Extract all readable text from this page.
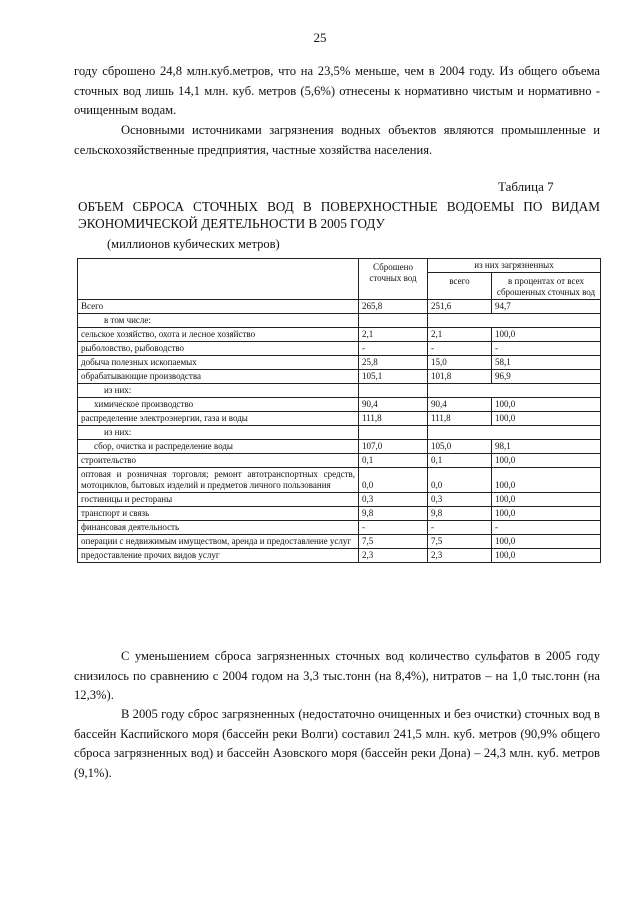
25

году сброшено 24,8 млн.куб.метров, что на 23,5% меньше, чем в 2004 году. Из общего объема сточных вод лишь 14,1 млн. куб. метров (5,6%) отнесены к нормативно чистым и нормативно - очищенным водам.

Основными источниками загрязнения водных объектов являются промышленные и сельскохозяйственные предприятия, частные хозяйства населения.

Таблица 7

ОБЪЕМ СБРОСА СТОЧНЫХ ВОД В ПОВЕРХНОСТНЫЕ ВОДОЕМЫ ПО ВИДАМ ЭКОНОМИЧЕСКОЙ ДЕЯТЕЛЬНОСТИ В 2005 ГОДУ

(миллионов кубических метров)
	Сброшено сточных вод	из них загрязненных	
		всего	в процентах от всех сброшенных сточных вод
Всего	265,8	251,6	94,7
в том числе:			
сельское хозяйство, охота и лесное хозяйство	2,1	2,1	100,0
рыболовство, рыбоводство	-	-	-
добыча полезных ископаемых	25,8	15,0	58,1
обрабатывающие производства	105,1	101,8	96,9
из них:			
химическое производство	90,4	90,4	100,0
распределение электроэнергии, газа и воды	111,8	111,8	100,0
из них:			
сбор, очистка и распределение воды	107,0	105,0	98,1
строительство	0,1	0,1	100,0
оптовая и розничная торговля; ремонт автотранспортных средств, мотоциклов, бытовых изделий и предметов личного пользования	0,0	0,0	100,0
гостиницы и рестораны	0,3	0,3	100,0
транспорт и связь	9,8	9,8	100,0
финансовая деятельность	-	-	-
операции с недвижимым имуществом, аренда и предоставление услуг	7,5	7,5	100,0
предоставление прочих видов услуг	2,3	2,3	100,0

С уменьшением сброса загрязненных сточных вод количество сульфатов в 2005 году снизилось по сравнению с 2004 годом на 3,3 тыс.тонн (на 8,4%), нитратов – на 1,0 тыс.тонн (на 12,3%).

В 2005 году сброс загрязненных (недостаточно очищенных и без очистки) сточных вод в бассейн Каспийского моря (бассейн реки Волги) составил 241,5 млн. куб. метров (90,9% общего сброса загрязненных вод) и бассейн Азовского моря (бассейн реки Дона) – 24,3 млн. куб. метров (9,1%).
